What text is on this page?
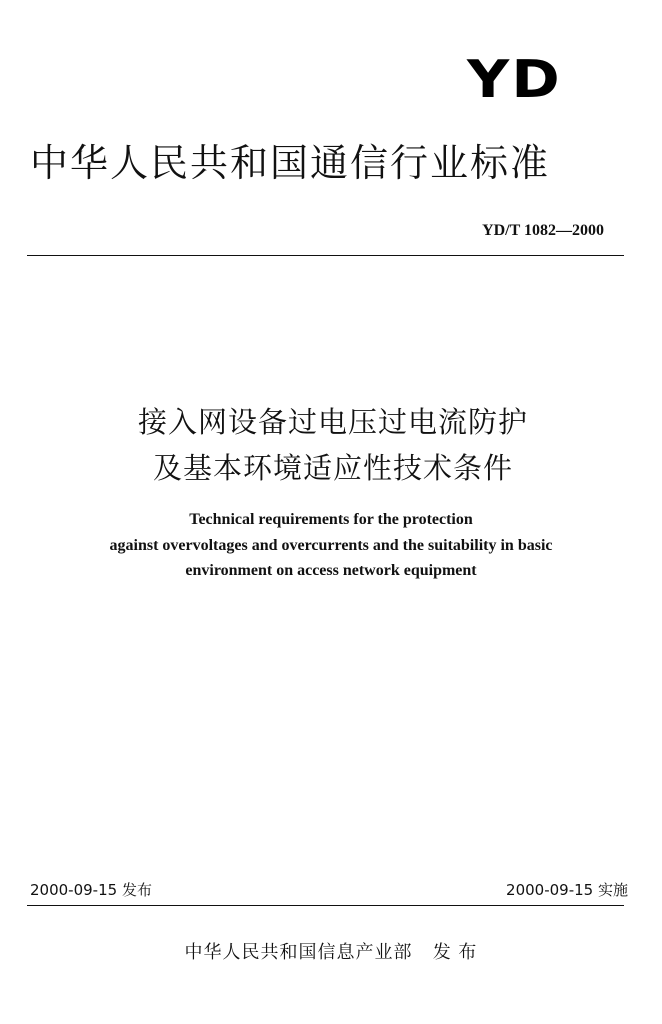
YD
中华人民共和国通信行业标准
YD/T 1082—2000
接入网设备过电压过电流防护
及基本环境适应性技术条件
Technical requirements for the protection
against overvoltages and overcurrents and the suitability in basic
environment on access network equipment
2000-09-15 发布	2000-09-15 实施
中华人民共和国信息产业部   发 布
